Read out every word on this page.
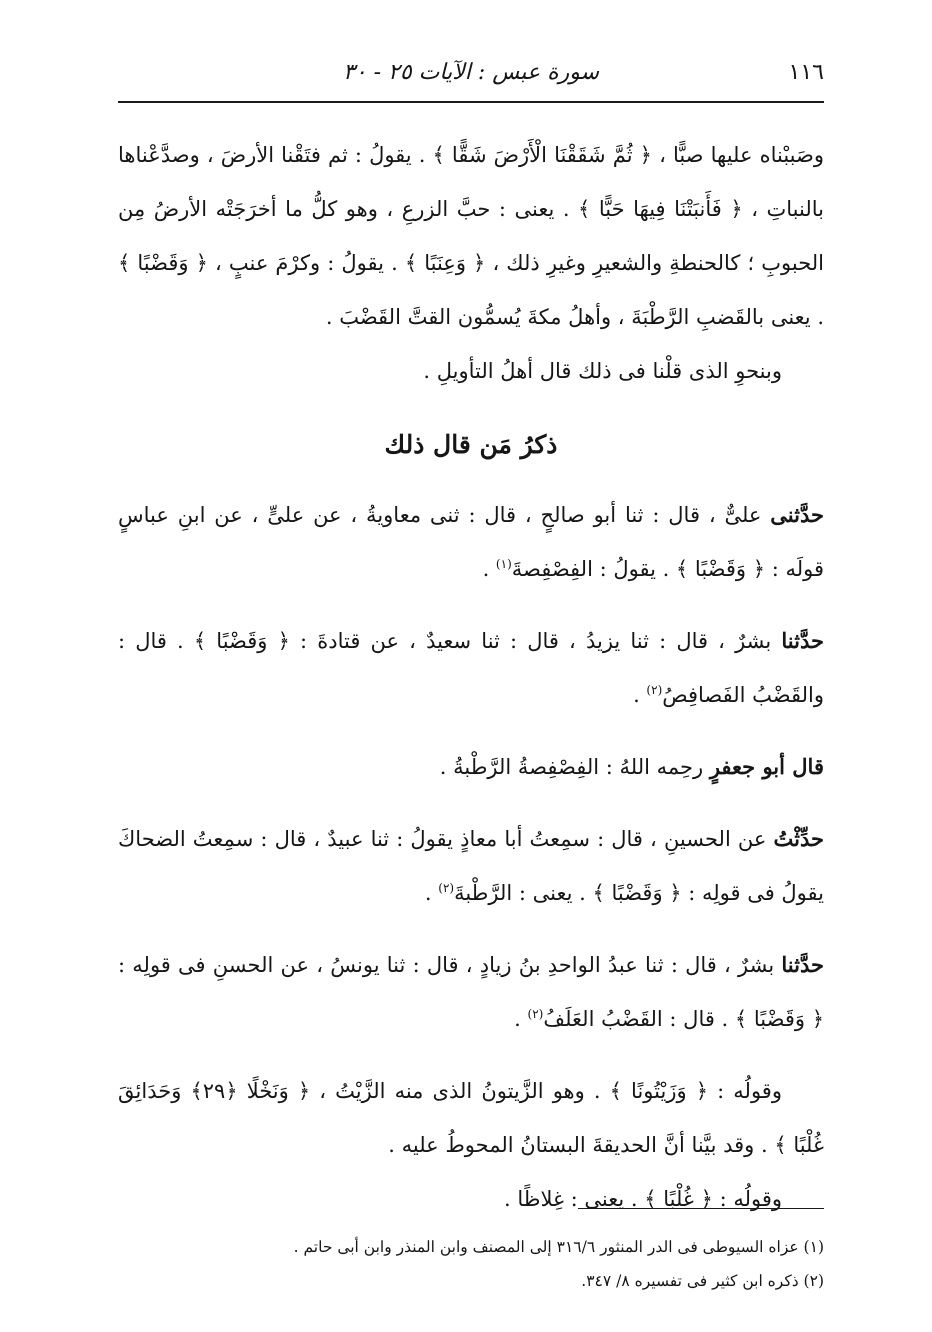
١١٦
سورة عبس : الآيات ٢٥ - ٣٠

وصَببْناه عليها صبًّا ، ﴿ ثُمَّ شَقَقْنَا الْأَرْضَ شَقًّا ﴾ . يقولُ : ثم فتَقْنا الأرضَ ، وصدَّعْناها بالنباتِ ، ﴿ فَأَنبَتْنَا فِيهَا حَبًّا ﴾ . يعنى : حبَّ الزرعِ ، وهو كلُّ ما أخرَجَتْه الأرضُ مِن الحبوبِ ؛ كالحنطةِ والشعيرِ وغيرِ ذلك ، ﴿ وَعِنَبًا ﴾ . يقولُ : وكرْمَ عنبٍ ، ﴿ وَقَضْبًا ﴾ . يعنى بالقَضبِ الرَّطْبَةَ ، وأهلُ مكةَ يُسمُّون القتَّ القَضْبَ .

وبنحوِ الذى قلْنا فى ذلك قال أهلُ التأويلِ .

ذكرُ مَن قال ذلك

حدَّثنى علىٌّ ، قال : ثنا أبو صالحٍ ، قال : ثنى معاويةُ ، عن علىٍّ ، عن ابنِ عباسٍ قولَه : ﴿ وَقَضْبًا ﴾ . يقولُ : الفِصْفِصةَ$^{(١)}$ .

حدَّثنا بشرٌ ، قال : ثنا يزيدُ ، قال : ثنا سعيدٌ ، عن قتادةَ : ﴿ وَقَضْبًا ﴾ . قال : والقَضْبُ الفَصافِصُ$^{(٢)}$ .

قال أبو جعفرٍ رحِمه اللهُ : الفِصْفِصةُ الرَّطْبةُ .

حدِّثْتُ عن الحسينِ ، قال : سمِعتُ أبا معاذٍ يقولُ : ثنا عبيدٌ ، قال : سمِعتُ الضحاكَ يقولُ فى قولِه : ﴿ وَقَضْبًا ﴾ . يعنى : الرَّطْبةَ$^{(٢)}$ .

حدَّثنا بشرٌ ، قال : ثنا عبدُ الواحدِ بنُ زيادٍ ، قال : ثنا يونسُ ، عن الحسنِ فى قولِه : ﴿ وَقَضْبًا ﴾ . قال : القَضْبُ العَلَفُ$^{(٢)}$ .

وقولُه : ﴿ وَزَيْتُونًا ﴾ . وهو الزَّيتونُ الذى منه الزَّيْتُ ، ﴿ وَنَخْلًا ﴿٢٩﴾ وَحَدَائِقَ غُلْبًا ﴾ . وقد بيَّنا أنَّ الحديقةَ البستانُ المحوطُ عليه .

وقولُه : ﴿ غُلْبًا ﴾ . يعنى : غِلاظًا .

(١) عزاه السيوطى فى الدر المنثور ٣١٦/٦ إلى المصنف وابن المنذر وابن أبى حاتم .

(٢) ذكره ابن كثير فى تفسيره ٨/ ٣٤٧.
